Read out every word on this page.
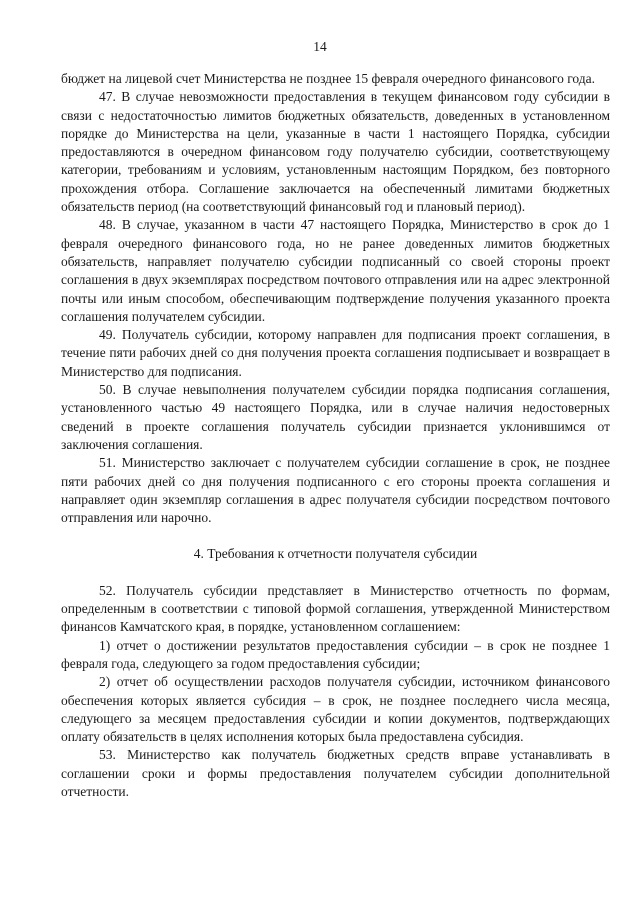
14

бюджет на лицевой счет Министерства не позднее 15 февраля очередного финансового года.

47. В случае невозможности предоставления в текущем финансовом году субсидии в связи с недостаточностью лимитов бюджетных обязательств, доведенных в установленном порядке до Министерства на цели, указанные в части 1 настоящего Порядка, субсидии предоставляются в очередном финансовом году получателю субсидии, соответствующему категории, требованиям и условиям, установленным настоящим Порядком, без повторного прохождения отбора. Соглашение заключается на обеспеченный лимитами бюджетных обязательств период (на соответствующий финансовый год и плановый период).

48. В случае, указанном в части 47 настоящего Порядка, Министерство в срок до 1 февраля очередного финансового года, но не ранее доведенных лимитов бюджетных обязательств, направляет получателю субсидии подписанный со своей стороны проект соглашения в двух экземплярах посредством почтового отправления или на адрес электронной почты или иным способом, обеспечивающим подтверждение получения указанного проекта соглашения получателем субсидии.

49. Получатель субсидии, которому направлен для подписания проект соглашения, в течение пяти рабочих дней со дня получения проекта соглашения подписывает и возвращает в Министерство для подписания.

50. В случае невыполнения получателем субсидии порядка подписания соглашения, установленного частью 49 настоящего Порядка, или в случае наличия недостоверных сведений в проекте соглашения получатель субсидии признается уклонившимся от заключения соглашения.

51. Министерство заключает с получателем субсидии соглашение в срок, не позднее пяти рабочих дней со дня получения подписанного с его стороны проекта соглашения и направляет один экземпляр соглашения в адрес получателя субсидии посредством почтового отправления или нарочно.

4. Требования к отчетности получателя субсидии

52. Получатель субсидии представляет в Министерство отчетность по формам, определенным в соответствии с типовой формой соглашения, утвержденной Министерством финансов Камчатского края, в порядке, установленном соглашением:

1) отчет о достижении результатов предоставления субсидии – в срок не позднее 1 февраля года, следующего за годом предоставления субсидии;

2) отчет об осуществлении расходов получателя субсидии, источником финансового обеспечения которых является субсидия – в срок, не позднее последнего числа месяца, следующего за месяцем предоставления субсидии и копии документов, подтверждающих оплату обязательств в целях исполнения которых была предоставлена субсидия.

53. Министерство как получатель бюджетных средств вправе устанавливать в соглашении сроки и формы предоставления получателем субсидии дополнительной отчетности.
